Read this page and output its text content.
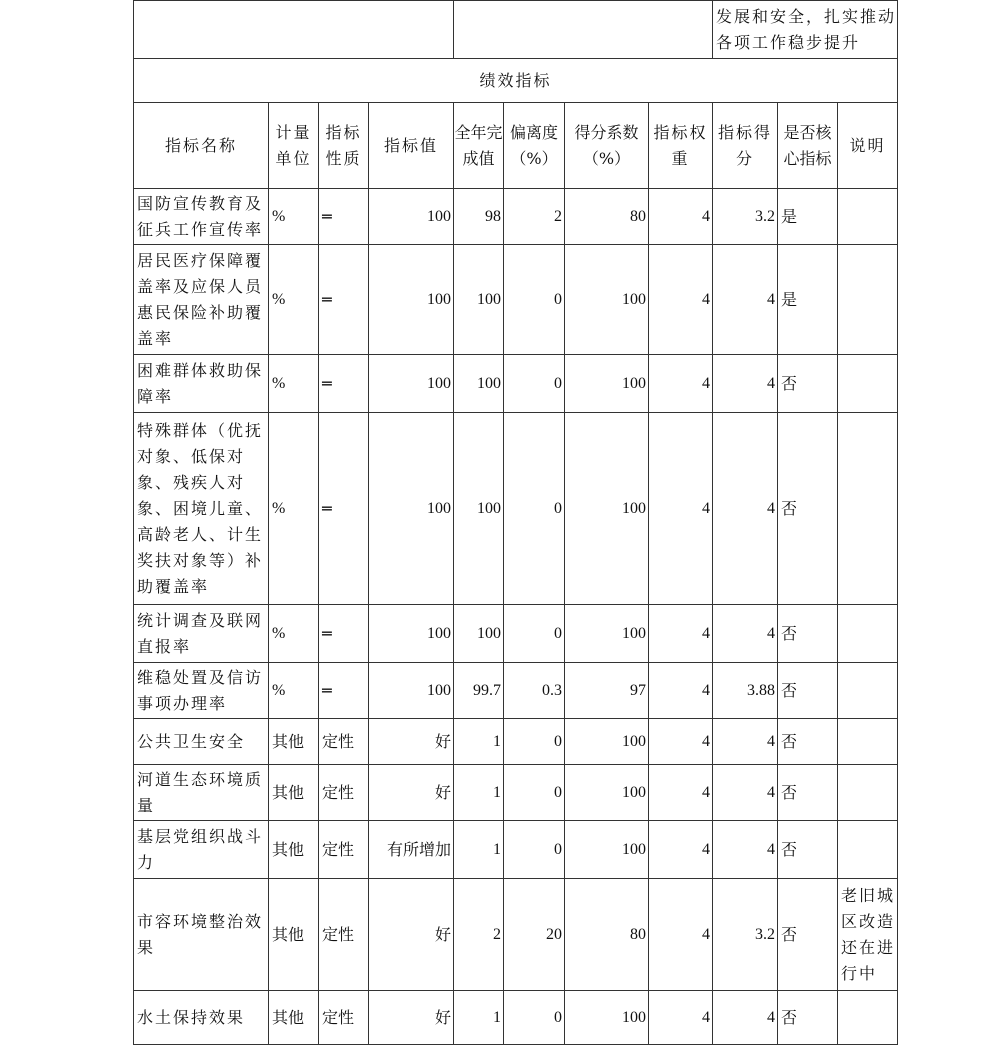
								发展和安全，扎实推动各项工作稳步提升		
绩效指标										
指标名称	计量单位	指标性质	指标值	全年完成值	偏离度（%）	得分系数（%）	指标权重	指标得分	是否核心指标	说明
国防宣传教育及征兵工作宣传率	%	═	100	98	2	80	4	3.2	是	
居民医疗保障覆盖率及应保人员惠民保险补助覆盖率	%	═	100	100	0	100	4	4	是	
困难群体救助保障率	%	═	100	100	0	100	4	4	否	
特殊群体（优抚对象、低保对象、残疾人对象、困境儿童、高龄老人、计生奖扶对象等）补助覆盖率	%	═	100	100	0	100	4	4	否	
统计调查及联网直报率	%	═	100	100	0	100	4	4	否	
维稳处置及信访事项办理率	%	═	100	99.7	0.3	97	4	3.88	否	
公共卫生安全	其他	定性	好	1	0	100	4	4	否	
河道生态环境质量	其他	定性	好	1	0	100	4	4	否	
基层党组织战斗力	其他	定性	有所增加	1	0	100	4	4	否	
市容环境整治效果	其他	定性	好	2	20	80	4	3.2	否	老旧城区改造还在进行中
水土保持效果	其他	定性	好	1	0	100	4	4	否	
